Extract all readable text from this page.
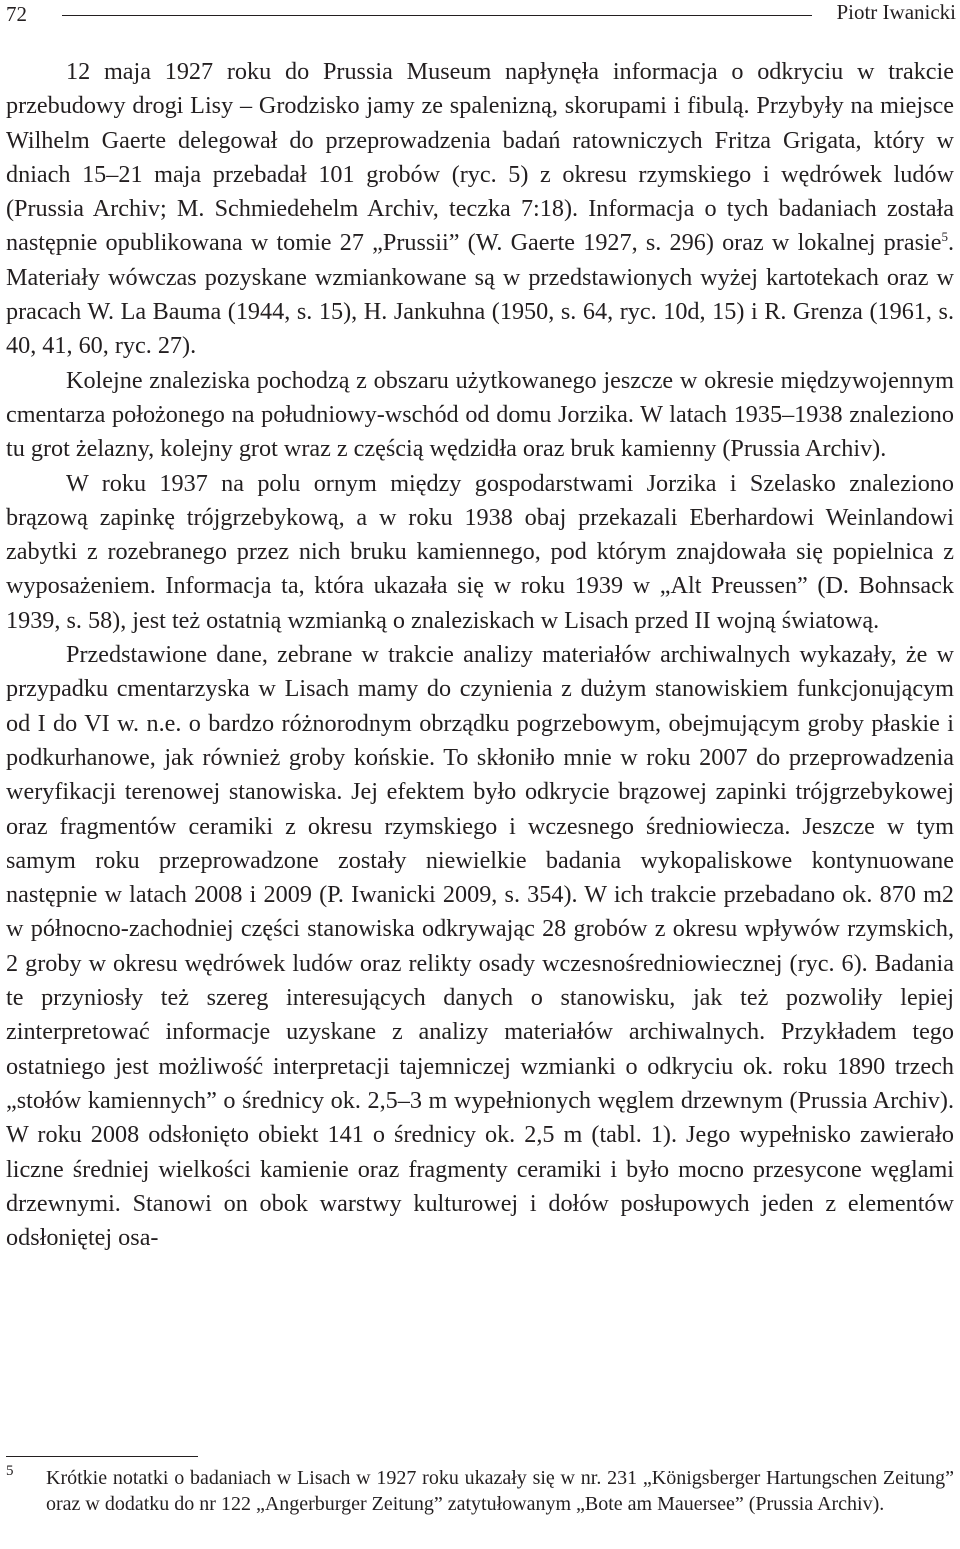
72	Piotr Iwanicki

12 maja 1927 roku do Prussia Museum napłynęła informacja o odkryciu w trakcie przebudowy drogi Lisy – Grodzisko jamy ze spalenizną, skorupami i fibulą. Przybyły na miejsce Wilhelm Gaerte delegował do przeprowadzenia badań ratowniczych Fritza Grigata, który w dniach 15–21 maja przebadał 101 grobów (ryc. 5) z okresu rzymskiego i wędrówek ludów (Prussia Archiv; M. Schmiedehelm Archiv, teczka 7:18). Informacja o tych badaniach została następnie opublikowana w tomie 27 „Prussii” (W. Gaerte 1927, s. 296) oraz w lokalnej prasie$^5$. Materiały wówczas pozyskane wzmiankowane są w przedstawionych wyżej kartotekach oraz w pracach W. La Bauma (1944, s. 15), H. Jankuhna (1950, s. 64, ryc. 10d, 15) i R. Grenza (1961, s. 40, 41, 60, ryc. 27).

Kolejne znaleziska pochodzą z obszaru użytkowanego jeszcze w okresie międzywojennym cmentarza położonego na południowy-wschód od domu Jorzika. W latach 1935–1938 znaleziono tu grot żelazny, kolejny grot wraz z częścią wędzidła oraz bruk kamienny (Prussia Archiv).

W roku 1937 na polu ornym między gospodarstwami Jorzika i Szelasko znaleziono brązową zapinkę trójgrzebykową, a w roku 1938 obaj przekazali Eberhardowi Weinlandowi zabytki z rozebranego przez nich bruku kamiennego, pod którym znajdowała się popielnica z wyposażeniem. Informacja ta, która ukazała się w roku 1939 w „Alt Preussen” (D. Bohnsack 1939, s. 58), jest też ostatnią wzmianką o znaleziskach w Lisach przed II wojną światową.

Przedstawione dane, zebrane w trakcie analizy materiałów archiwalnych wykazały, że w przypadku cmentarzyska w Lisach mamy do czynienia z dużym stanowiskiem funkcjonującym od I do VI w. n.e. o bardzo różnorodnym obrządku pogrzebowym, obejmującym groby płaskie i podkurhanowe, jak również groby końskie. To skłoniło mnie w roku 2007 do przeprowadzenia weryfikacji terenowej stanowiska. Jej efektem było odkrycie brązowej zapinki trójgrzebykowej oraz fragmentów ceramiki z okresu rzymskiego i wczesnego średniowiecza. Jeszcze w tym samym roku przeprowadzone zostały niewielkie badania wykopaliskowe kontynuowane następnie w latach 2008 i 2009 (P. Iwanicki 2009, s. 354). W ich trakcie przebadano ok. 870 m2 w północno-zachodniej części stanowiska odkrywając 28 grobów z okresu wpływów rzymskich, 2 groby w okresu wędrówek ludów oraz relikty osady wczesnośredniowiecznej (ryc. 6). Badania te przyniosły też szereg interesujących danych o stanowisku, jak też pozwoliły lepiej zinterpretować informacje uzyskane z analizy materiałów archiwalnych. Przykładem tego ostatniego jest możliwość interpretacji tajemniczej wzmianki o odkryciu ok. roku 1890 trzech „stołów kamiennych” o średnicy ok. 2,5–3 m wypełnionych węglem drzewnym (Prussia Archiv). W roku 2008 odsłonięto obiekt 141 o średnicy ok. 2,5 m (tabl. 1). Jego wypełnisko zawierało liczne średniej wielkości kamienie oraz fragmenty ceramiki i było mocno przesycone węglami drzewnymi. Stanowi on obok warstwy kulturowej i dołów posłupowych jeden z elementów odsłoniętej osa-

5 Krótkie notatki o badaniach w Lisach w 1927 roku ukazały się w nr. 231 „Königsberger Hartungschen Zeitung” oraz w dodatku do nr 122 „Angerburger Zeitung” zatytułowanym „Bote am Mauersee” (Prussia Archiv).
